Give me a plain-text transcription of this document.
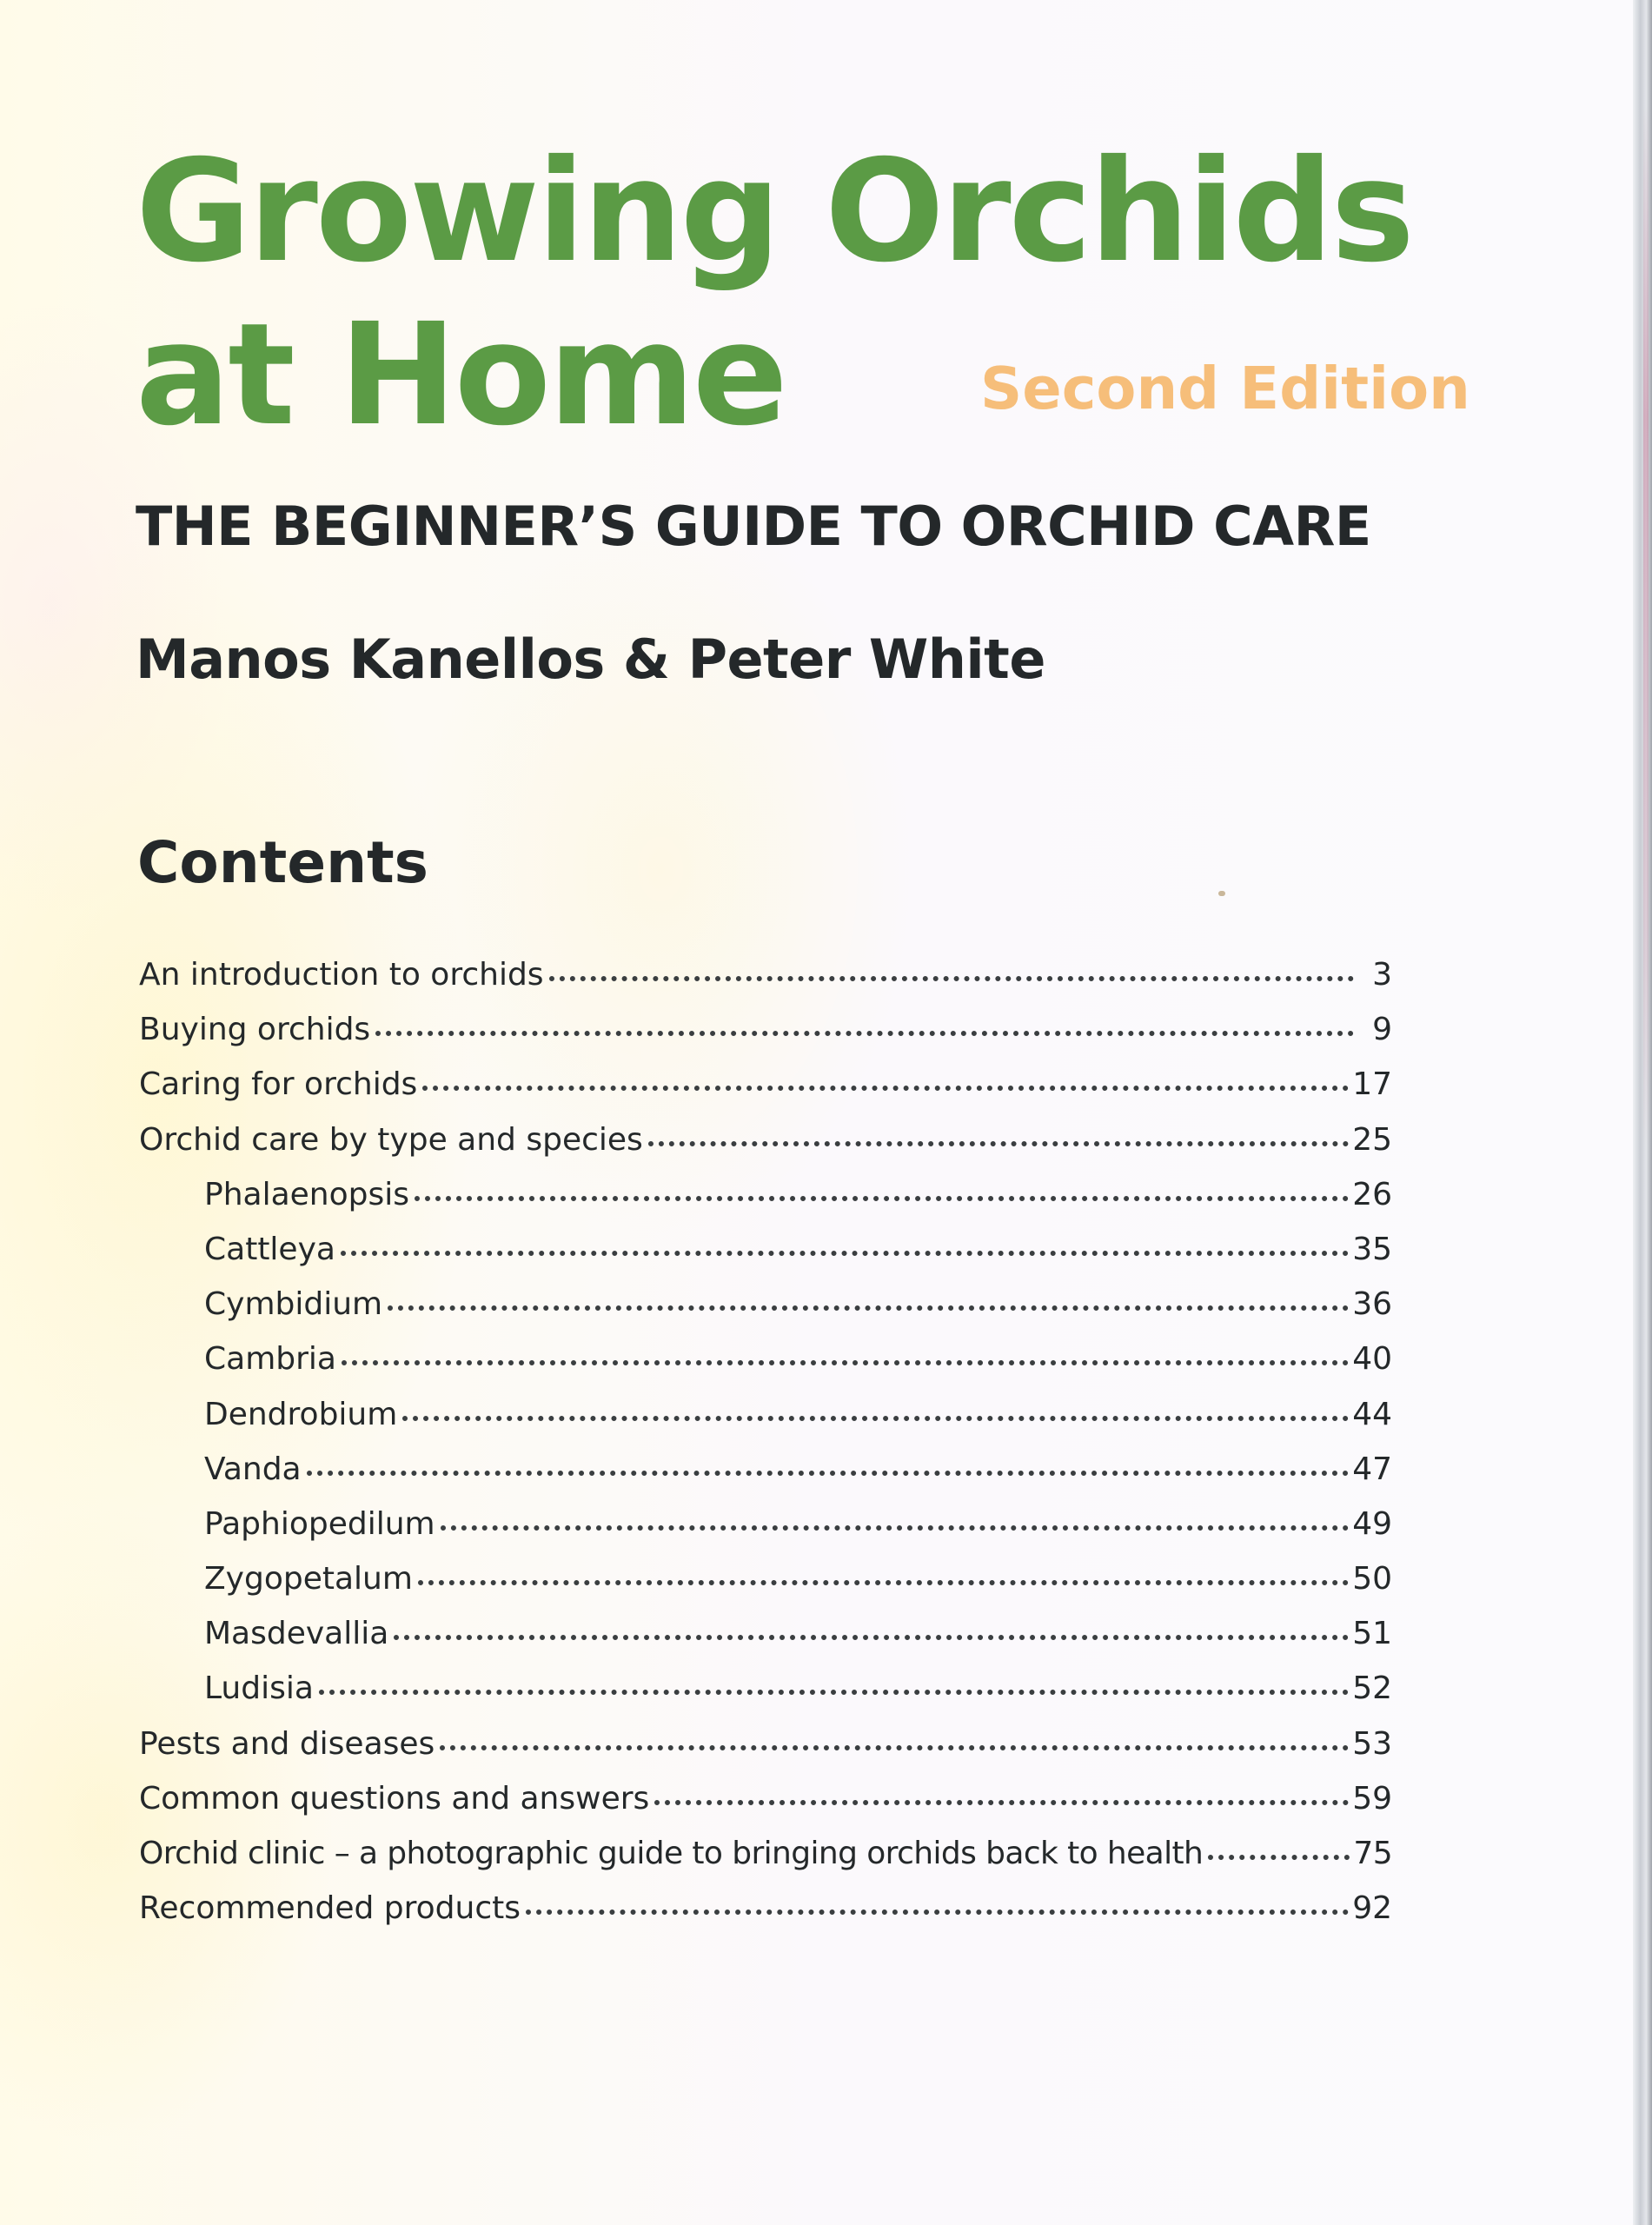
Growing Orchids
at Home	Second Edition
THE BEGINNER’S GUIDE TO ORCHID CARE
Manos Kanellos & Peter White
Contents
An introduction to orchids	3
Buying orchids	9
Caring for orchids	17
Orchid care by type and species	25
Phalaenopsis	26
Cattleya	35
Cymbidium	36
Cambria	40
Dendrobium	44
Vanda	47
Paphiopedilum	49
Zygopetalum	50
Masdevallia	51
Ludisia	52
Pests and diseases	53
Common questions and answers	59
Orchid clinic – a photographic guide to bringing orchids back to health	75
Recommended products	92
